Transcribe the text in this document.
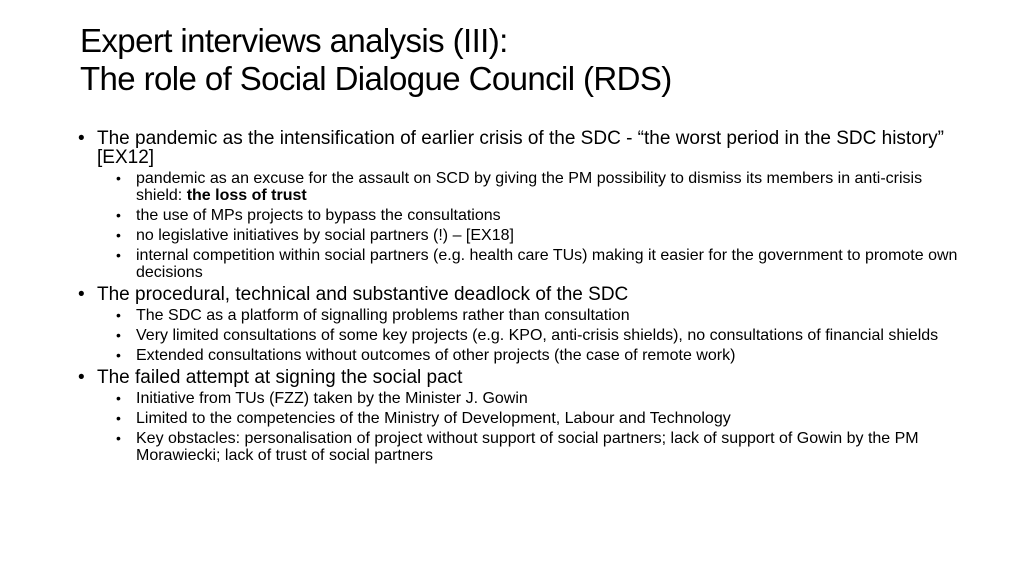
Expert interviews analysis (III):
The role of Social Dialogue Council (RDS)
• The pandemic as the intensification of earlier crisis of the SDC - “the worst period in the SDC history” [EX12]
• pandemic as an excuse for the assault on SCD by giving the PM possibility to dismiss its members in anti-crisis shield: the loss of trust
• the use of MPs projects to bypass the consultations
• no legislative initiatives by social partners (!) – [EX18]
• internal competition within social partners (e.g. health care TUs) making it easier for the government to promote own decisions
• The procedural, technical and substantive deadlock of the SDC
• The SDC as a platform of signalling problems rather than consultation
• Very limited consultations of some key projects (e.g. KPO, anti-crisis shields), no consultations of financial shields
• Extended consultations without outcomes of other projects (the case of remote work)
• The failed attempt at signing the social pact
• Initiative from TUs (FZZ) taken by the Minister J. Gowin
• Limited to the competencies of the Ministry of Development, Labour and Technology
• Key obstacles: personalisation of project without support of social partners; lack of support of Gowin by the PM Morawiecki; lack of trust of social partners
